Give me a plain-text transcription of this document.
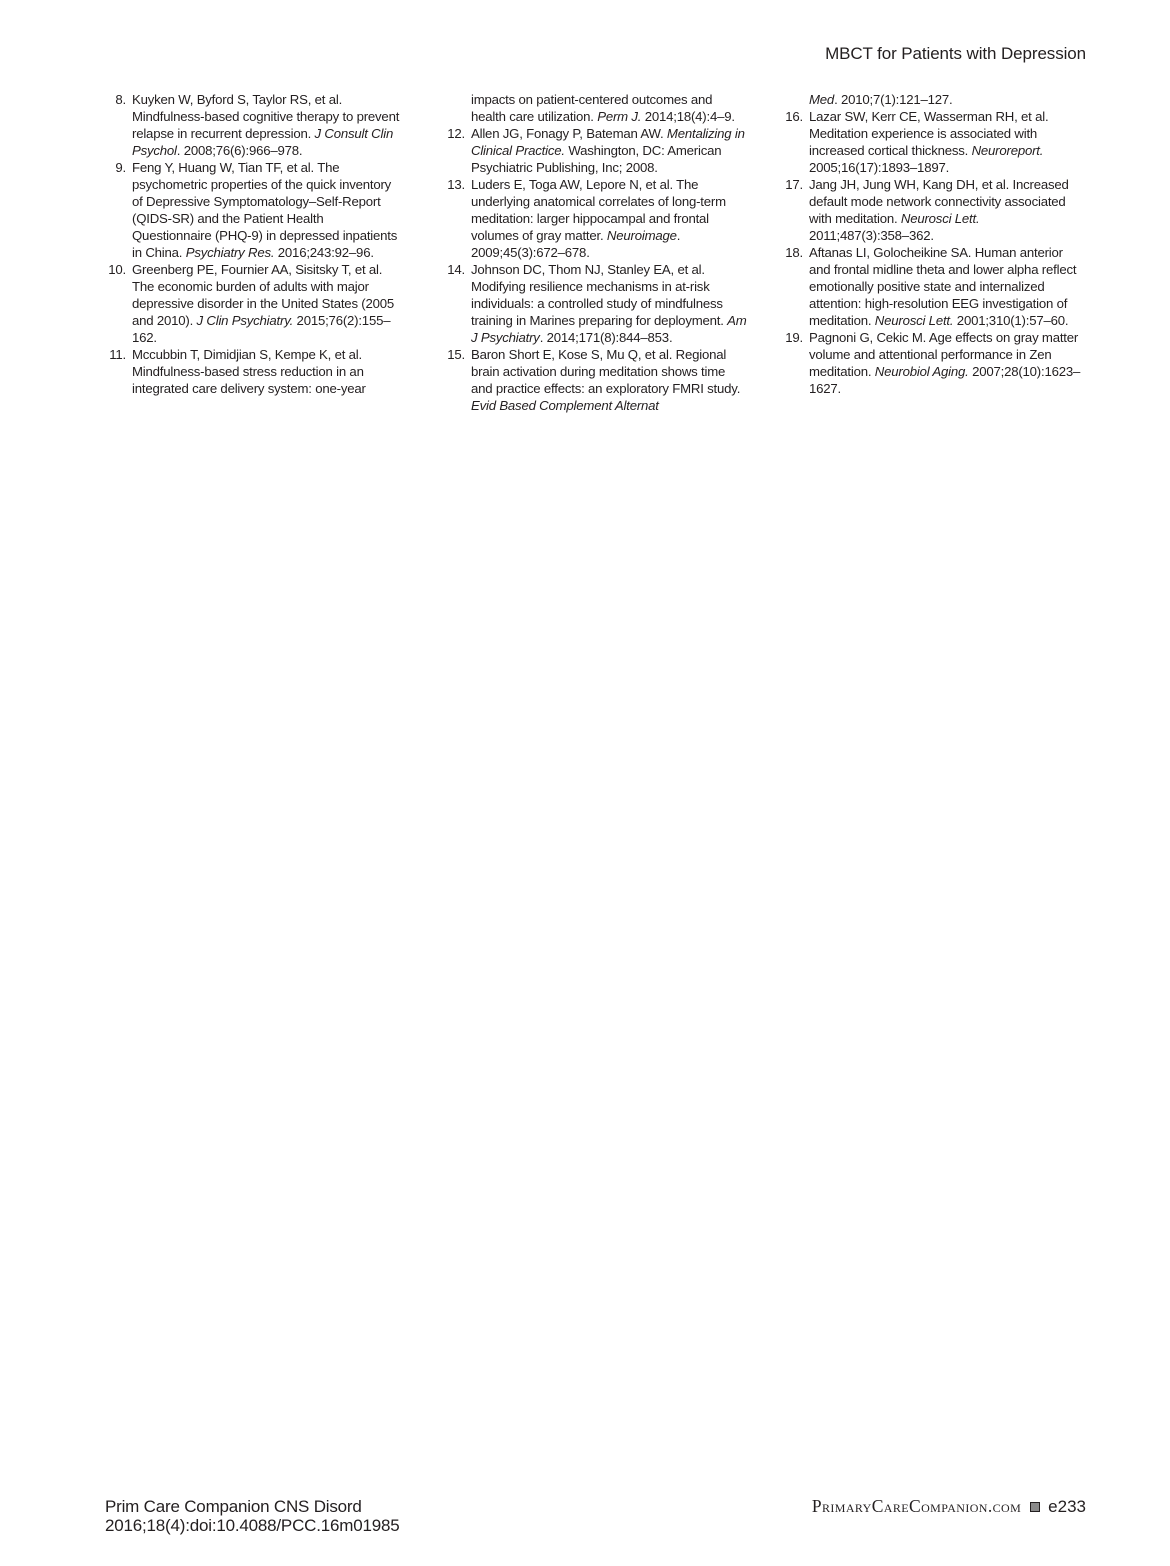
MBCT for Patients with Depression
8. Kuyken W, Byford S, Taylor RS, et al. Mindfulness-based cognitive therapy to prevent relapse in recurrent depression. J Consult Clin Psychol. 2008;76(6):966–978.
9. Feng Y, Huang W, Tian TF, et al. The psychometric properties of the quick inventory of Depressive Symptomatology–Self-Report (QIDS-SR) and the Patient Health Questionnaire (PHQ-9) in depressed inpatients in China. Psychiatry Res. 2016;243:92–96.
10. Greenberg PE, Fournier AA, Sisitsky T, et al. The economic burden of adults with major depressive disorder in the United States (2005 and 2010). J Clin Psychiatry. 2015;76(2):155–162.
11. Mccubbin T, Dimidjian S, Kempe K, et al. Mindfulness-based stress reduction in an integrated care delivery system: one-year
impacts on patient-centered outcomes and health care utilization. Perm J. 2014;18(4):4–9.
12. Allen JG, Fonagy P, Bateman AW. Mentalizing in Clinical Practice. Washington, DC: American Psychiatric Publishing, Inc; 2008.
13. Luders E, Toga AW, Lepore N, et al. The underlying anatomical correlates of long-term meditation: larger hippocampal and frontal volumes of gray matter. Neuroimage. 2009;45(3):672–678.
14. Johnson DC, Thom NJ, Stanley EA, et al. Modifying resilience mechanisms in at-risk individuals: a controlled study of mindfulness training in Marines preparing for deployment. Am J Psychiatry. 2014;171(8):844–853.
15. Baron Short E, Kose S, Mu Q, et al. Regional brain activation during meditation shows time and practice effects: an exploratory FMRI study. Evid Based Complement Alternat
Med. 2010;7(1):121–127.
16. Lazar SW, Kerr CE, Wasserman RH, et al. Meditation experience is associated with increased cortical thickness. Neuroreport. 2005;16(17):1893–1897.
17. Jang JH, Jung WH, Kang DH, et al. Increased default mode network connectivity associated with meditation. Neurosci Lett. 2011;487(3):358–362.
18. Aftanas LI, Golocheikine SA. Human anterior and frontal midline theta and lower alpha reflect emotionally positive state and internalized attention: high-resolution EEG investigation of meditation. Neurosci Lett. 2001;310(1):57–60.
19. Pagnoni G, Cekic M. Age effects on gray matter volume and attentional performance in Zen meditation. Neurobiol Aging. 2007;28(10):1623–1627.
Prim Care Companion CNS Disord
2016;18(4):doi:10.4088/PCC.16m01985
PrimaryCareCompanion.com e233
